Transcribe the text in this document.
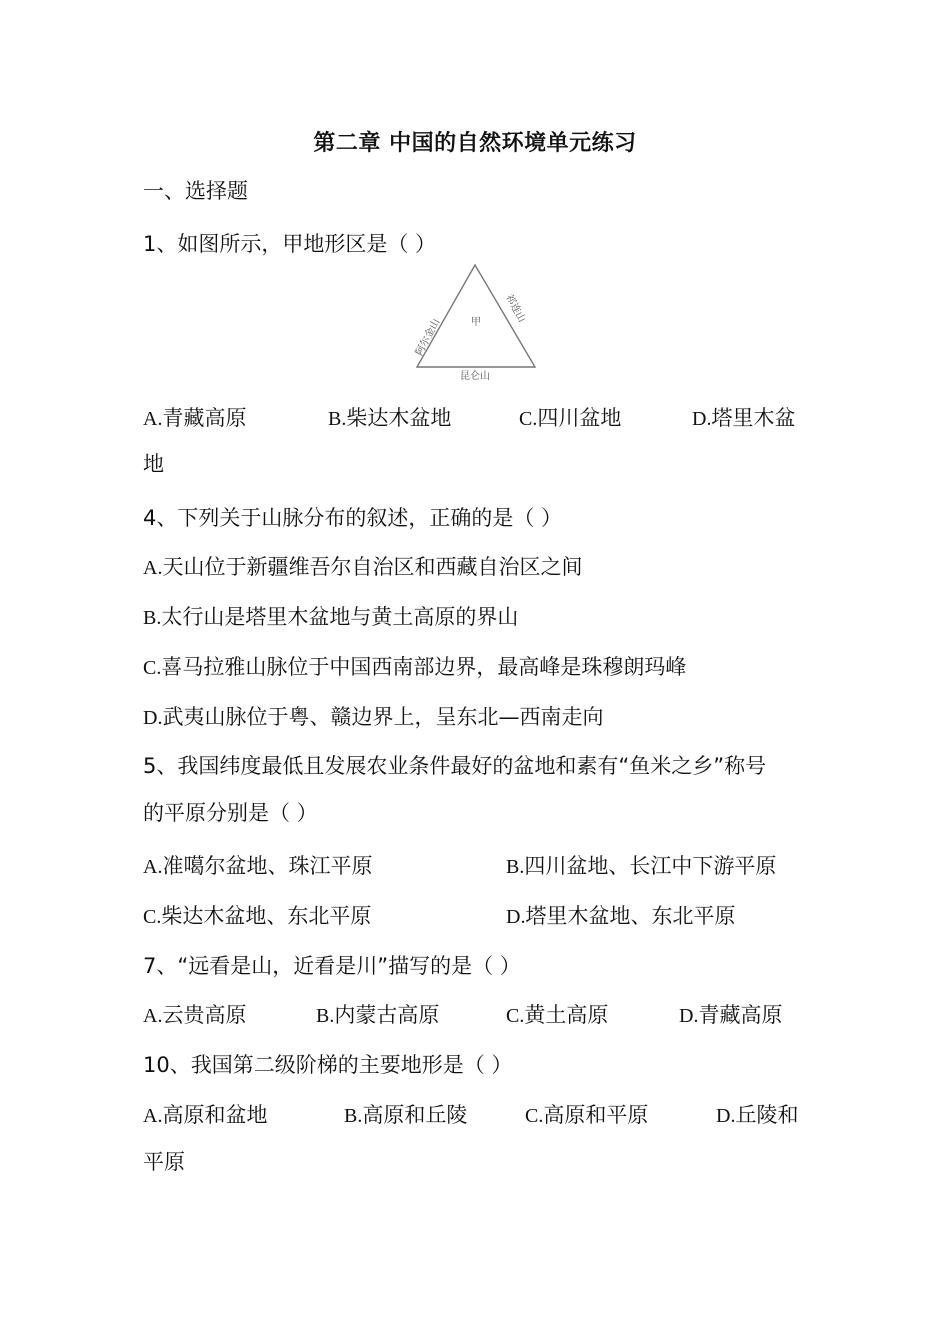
第二章 中国的自然环境单元练习
一、选择题
1、如图所示，甲地形区是（ ）
阿尔金山
祁连山
昆仑山
甲
A.青藏高原	B.柴达木盆地	C.四川盆地	D.塔里木盆
地
4、下列关于山脉分布的叙述，正确的是（ ）
A.天山位于新疆维吾尔自治区和西藏自治区之间
B.太行山是塔里木盆地与黄土高原的界山
C.喜马拉雅山脉位于中国西南部边界，最高峰是珠穆朗玛峰
D.武夷山脉位于粤、赣边界上，呈东北—西南走向
5、我国纬度最低且发展农业条件最好的盆地和素有“鱼米之乡”称号
的平原分别是（ ）
A.准噶尔盆地、珠江平原	B.四川盆地、长江中下游平原
C.柴达木盆地、东北平原	D.塔里木盆地、东北平原
7、“远看是山，近看是川”描写的是（ ）
A.云贵高原	B.内蒙古高原	C.黄土高原	D.青藏高原
10、我国第二级阶梯的主要地形是（ ）
A.高原和盆地	B.高原和丘陵	C.高原和平原	D.丘陵和
平原
